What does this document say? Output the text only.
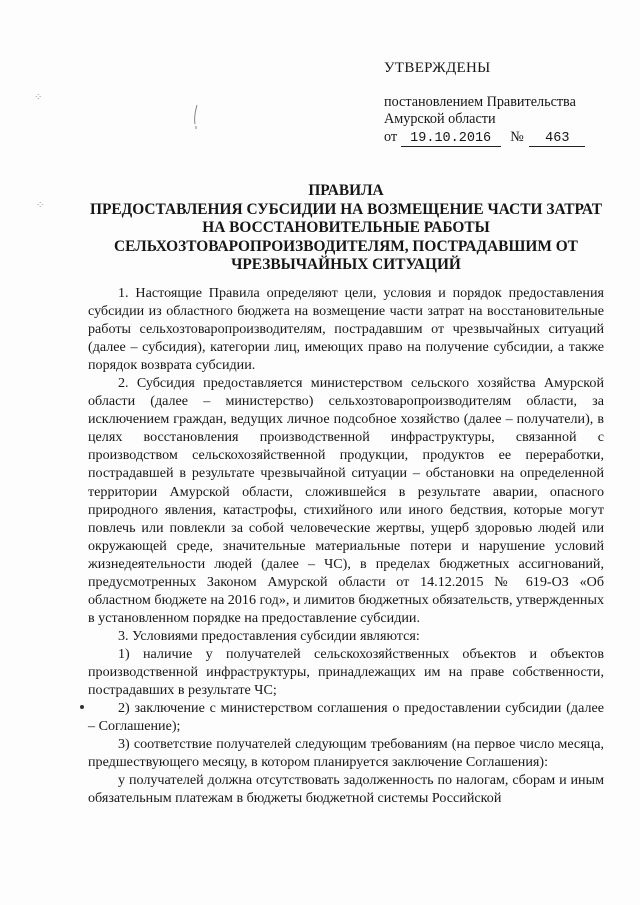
⁘
⁘
УТВЕРЖДЕНЫ
постановлением Правительства
Амурской области
от 19.10.2016 № 463
ПРАВИЛА
ПРЕДОСТАВЛЕНИЯ СУБСИДИИ НА ВОЗМЕЩЕНИЕ ЧАСТИ ЗАТРАТ
НА ВОССТАНОВИТЕЛЬНЫЕ РАБОТЫ
СЕЛЬХОЗТОВАРОПРОИЗВОДИТЕЛЯМ, ПОСТРАДАВШИМ ОТ
ЧРЕЗВЫЧАЙНЫХ СИТУАЦИЙ

1. Настоящие Правила определяют цели, условия и порядок предоставления субсидии из областного бюджета на возмещение части затрат на восстановительные работы сельхозтоваропроизводителям, пострадавшим от чрезвычайных ситуаций (далее – субсидия), категории лиц, имеющих право на получение субсидии, а также порядок возврата субсидии.

2. Субсидия предоставляется министерством сельского хозяйства Амурской области (далее – министерство) сельхозтоваропроизводителям области, за исключением граждан, ведущих личное подсобное хозяйство (далее – получатели), в целях восстановления производственной инфраструктуры, связанной с производством сельскохозяйственной продукции, продуктов ее переработки, пострадавшей в результате чрезвычайной ситуации – обстановки на определенной территории Амурской области, сложившейся в результате аварии, опасного природного явления, катастрофы, стихийного или иного бедствия, которые могут повлечь или повлекли за собой человеческие жертвы, ущерб здоровью людей или окружающей среде, значительные материальные потери и нарушение условий жизнедеятельности людей (далее – ЧС), в пределах бюджетных ассигнований, предусмотренных Законом Амурской области от 14.12.2015 № 619-ОЗ «Об областном бюджете на 2016 год», и лимитов бюджетных обязательств, утвержденных в установленном порядке на предоставление субсидии.

3. Условиями предоставления субсидии являются:

1) наличие у получателей сельскохозяйственных объектов и объектов производственной инфраструктуры, принадлежащих им на праве собственности, пострадавших в результате ЧС;

2) заключение с министерством соглашения о предоставлении субсидии (далее – Соглашение);

3) соответствие получателей следующим требованиям (на первое число месяца, предшествующего месяцу, в котором планируется заключение Соглашения):

у получателей должна отсутствовать задолженность по налогам, сборам и иным обязательным платежам в бюджеты бюджетной системы Российской
